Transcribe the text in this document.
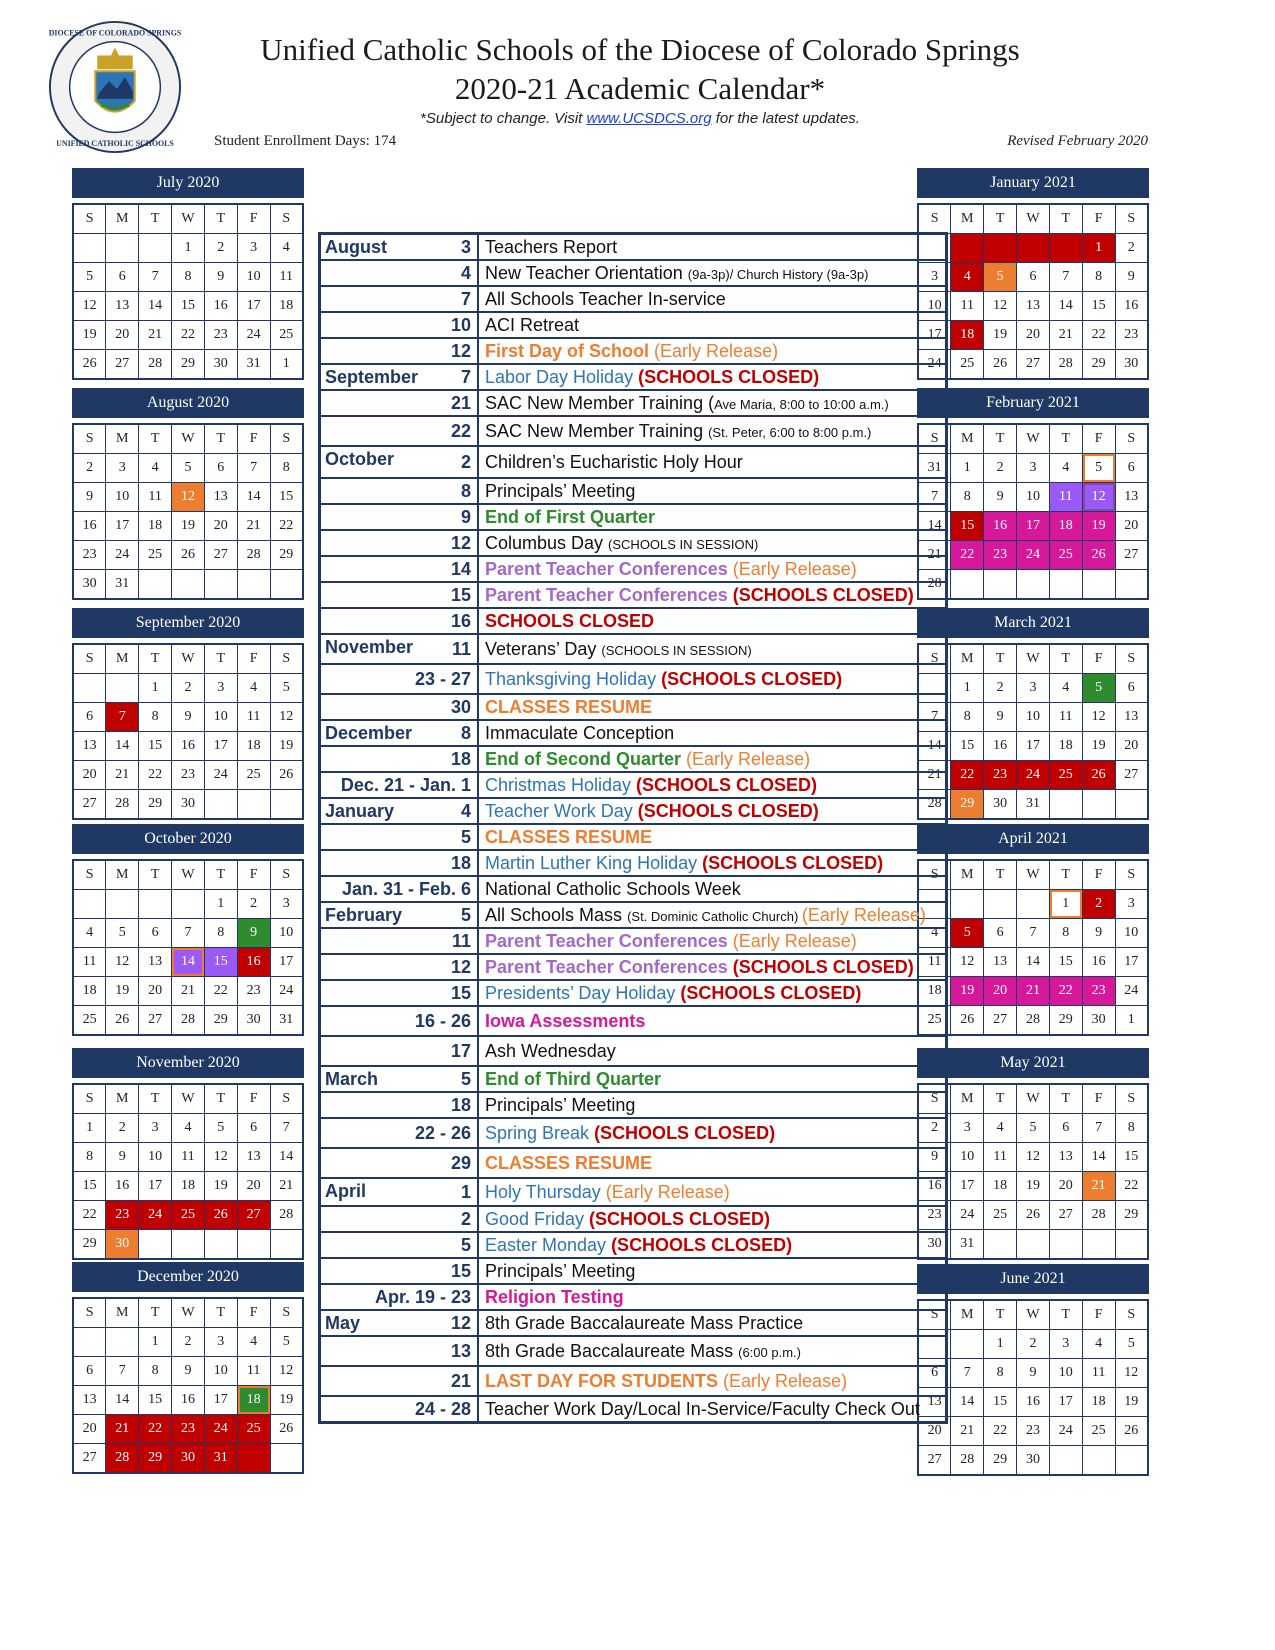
DIOCESE OF COLORADO SPRINGS
UNIFIED CATHOLIC SCHOOLS
Unified Catholic Schools of the Diocese of Colorado Springs
2020-21 Academic Calendar*
*Subject to change. Visit www.UCSDCS.org for the latest updates.
Student Enrollment Days: 174	Revised February 2020
July 2020
S	M	T	W	T	F	S
			1	2	3	4
5	6	7	8	9	10	11
12	13	14	15	16	17	18
19	20	21	22	23	24	25
26	27	28	29	30	31	1
August 2020
S	M	T	W	T	F	S
2	3	4	5	6	7	8
9	10	11	12	13	14	15
16	17	18	19	20	21	22
23	24	25	26	27	28	29
30	31					
September 2020
S	M	T	W	T	F	S
		1	2	3	4	5
6	7	8	9	10	11	12
13	14	15	16	17	18	19
20	21	22	23	24	25	26
27	28	29	30			
October 2020
S	M	T	W	T	F	S
				1	2	3
4	5	6	7	8	9	10
11	12	13	14	15	16	17
18	19	20	21	22	23	24
25	26	27	28	29	30	31
November 2020
S	M	T	W	T	F	S
1	2	3	4	5	6	7
8	9	10	11	12	13	14
15	16	17	18	19	20	21
22	23	24	25	26	27	28
29	30					
December 2020
S	M	T	W	T	F	S
		1	2	3	4	5
6	7	8	9	10	11	12
13	14	15	16	17	18	19
20	21	22	23	24	25	26
27	28	29	30	31		
January 2021
S	M	T	W	T	F	S
					1	2
3	4	5	6	7	8	9
10	11	12	13	14	15	16
17	18	19	20	21	22	23
24	25	26	27	28	29	30
February 2021
S	M	T	W	T	F	S
31	1	2	3	4	5	6
7	8	9	10	11	12	13
14	15	16	17	18	19	20
21	22	23	24	25	26	27
28						
March 2021
S	M	T	W	T	F	S
	1	2	3	4	5	6
7	8	9	10	11	12	13
14	15	16	17	18	19	20
21	22	23	24	25	26	27
28	29	30	31			
April 2021
S	M	T	W	T	F	S
				1	2	3
4	5	6	7	8	9	10
11	12	13	14	15	16	17
18	19	20	21	22	23	24
25	26	27	28	29	30	1
May 2021
S	M	T	W	T	F	S
2	3	4	5	6	7	8
9	10	11	12	13	14	15
16	17	18	19	20	21	22
23	24	25	26	27	28	29
30	31					
June 2021
S	M	T	W	T	F	S
		1	2	3	4	5
6	7	8	9	10	11	12
13	14	15	16	17	18	19
20	21	22	23	24	25	26
27	28	29	30			
August 3	Teachers Report

4	New Teacher Orientation (9a-3p)/ Church History (9a-3p)

7	All Schools Teacher In-service

10	ACI Retreat

12	First Day of School (Early Release)

September 7	Labor Day Holiday (SCHOOLS CLOSED)

21	SAC New Member Training (Ave Maria, 8:00 to 10:00 a.m.)

22	SAC New Member Training (St. Peter, 6:00 to 8:00 p.m.)

October 2	Children’s Eucharistic Holy Hour

8	Principals’ Meeting

9	End of First Quarter

12	Columbus Day (SCHOOLS IN SESSION)

14	Parent Teacher Conferences (Early Release)

15	Parent Teacher Conferences (SCHOOLS CLOSED)

16	SCHOOLS CLOSED

November 11	Veterans’ Day (SCHOOLS IN SESSION)

23 - 27	Thanksgiving Holiday (SCHOOLS CLOSED)

30	CLASSES RESUME

December 8	Immaculate Conception

18	End of Second Quarter (Early Release)

Dec. 21 - Jan. 1	Christmas Holiday (SCHOOLS CLOSED)

January 4	Teacher Work Day (SCHOOLS CLOSED)

5	CLASSES RESUME

18	Martin Luther King Holiday (SCHOOLS CLOSED)

Jan. 31 - Feb. 6	National Catholic Schools Week

February 5	All Schools Mass (St. Dominic Catholic Church) (Early Release)

11	Parent Teacher Conferences (Early Release)

12	Parent Teacher Conferences (SCHOOLS CLOSED)

15	Presidents’ Day Holiday (SCHOOLS CLOSED)

16 - 26	Iowa Assessments

17	Ash Wednesday

March 5	End of Third Quarter

18	Principals’ Meeting

22 - 26	Spring Break (SCHOOLS CLOSED)

29	CLASSES RESUME

April 1	Holy Thursday (Early Release)

2	Good Friday (SCHOOLS CLOSED)

5	Easter Monday (SCHOOLS CLOSED)

15	Principals’ Meeting

Apr. 19 - 23	Religion Testing

May 12	8th Grade Baccalaureate Mass Practice

13	8th Grade Baccalaureate Mass (6:00 p.m.)

21	LAST DAY FOR STUDENTS (Early Release)

24 - 28	Teacher Work Day/Local In-Service/Faculty Check Out
